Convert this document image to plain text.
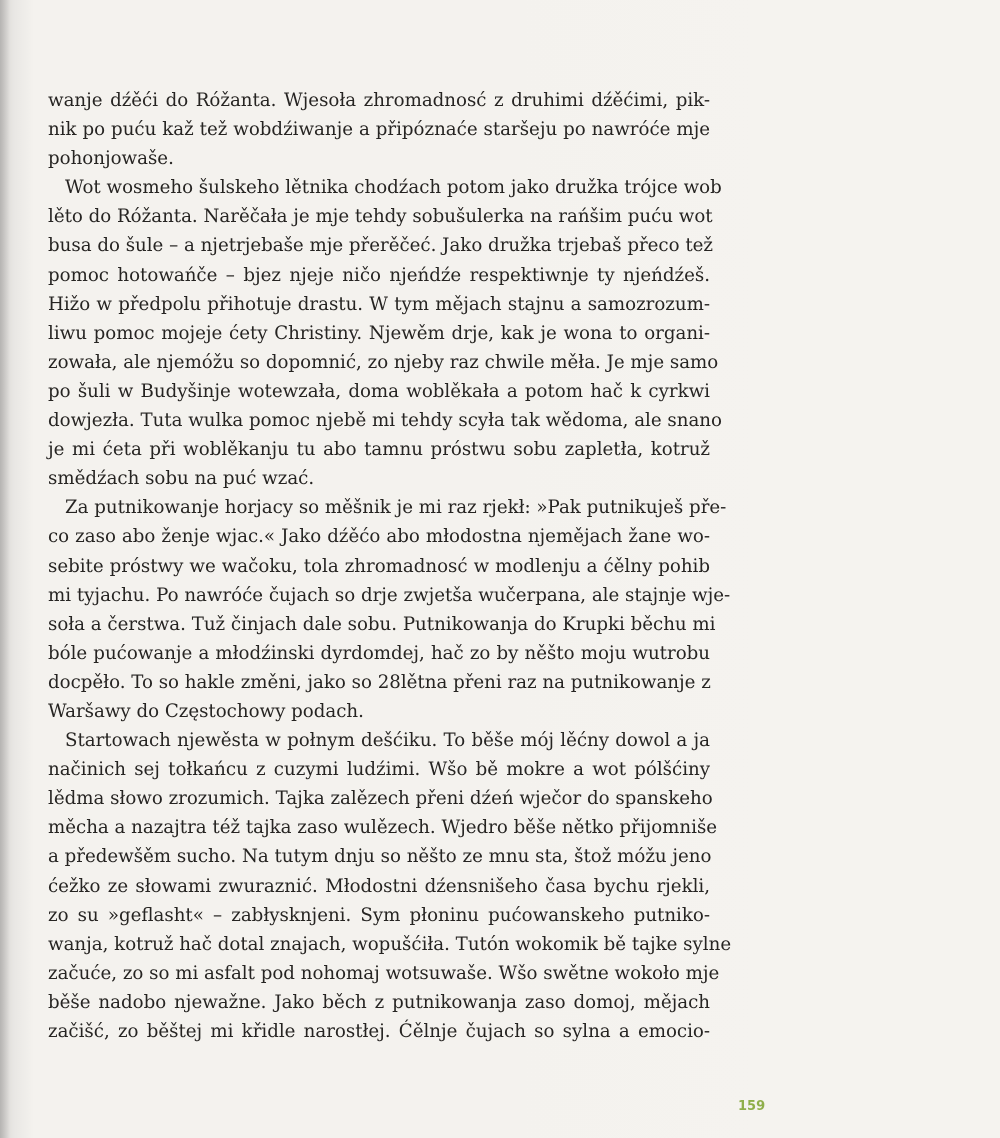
wanje dźěći do Róžanta. Wjesoła zhromadnosć z druhimi dźěćimi, pik-
nik po puću kaž tež wobdźiwanje a připóznaće staršeju po nawróće mje
pohonjowaše.
Wot wosmeho šulskeho lětnika chodźach potom jako družka trójce wob
lěto do Róžanta. Narěčała je mje tehdy sobušulerka na rańšim puću wot
busa do šule – a njetrjebaše mje přerěčeć. Jako družka trjebaš přeco tež
pomoc hotowańče – bjez njeje ničo njeńdźe respektiwnje ty njeńdźeš.
Hižo w předpolu přihotuje drastu. W tym mějach stajnu a samozrozum-
liwu pomoc mojeje ćety Christiny. Njewěm drje, kak je wona to organi-
zowała, ale njemóžu so dopomnić, zo njeby raz chwile měła. Je mje samo
po šuli w Budyšinje wotewzała, doma woblěkała a potom hač k cyrkwi
dowjezła. Tuta wulka pomoc njebě mi tehdy scyła tak wědoma, ale snano
je mi ćeta při woblěkanju tu abo tamnu próstwu sobu zapletła, kotruž
smědźach sobu na puć wzać.
Za putnikowanje horjacy so měšnik je mi raz rjekł: »Pak putnikuješ pře-
co zaso abo ženje wjac.« Jako dźěćo abo młodostna njemějach žane wo-
sebite próstwy we wačoku, tola zhromadnosć w modlenju a ćělny pohib
mi tyjachu. Po nawróće čujach so drje zwjetša wučerpana, ale stajnje wje-
soła a čerstwa. Tuž činjach dale sobu. Putnikowanja do Krupki běchu mi
bóle pućowanje a młodźinski dyrdomdej, hač zo by něšto moju wutrobu
docpěło. To so hakle změni, jako so 28lětna přeni raz na putnikowanje z
Waršawy do Częstochowy podach.
Startowach njewěsta w połnym dešćiku. To běše mój lěćny dowol a ja
načinich sej tołkańcu z cuzymi ludźimi. Wšo bě mokre a wot pólšćiny
lědma słowo zrozumich. Tajka zalězech přeni dźeń wječor do spanskeho
měcha a nazajtra též tajka zaso wulězech. Wjedro běše nětko přijomniše
a předewšěm sucho. Na tutym dnju so něšto ze mnu sta, štož móžu jeno
ćežko ze słowami zwuraznić. Młodostni dźensnišeho časa bychu rjekli,
zo su »geflasht« – zabłysknjeni. Sym płoninu pućowanskeho putniko-
wanja, kotruž hač dotal znajach, wopušćiła. Tutón wokomik bě tajke sylne
začuće, zo so mi asfalt pod nohomaj wotsuwaše. Wšo swětne wokoło mje
běše nadobo njewažne. Jako běch z putnikowanja zaso domoj, mějach
začišć, zo běštej mi křidle narostłej. Ćělnje čujach so sylna a emocio-
159
